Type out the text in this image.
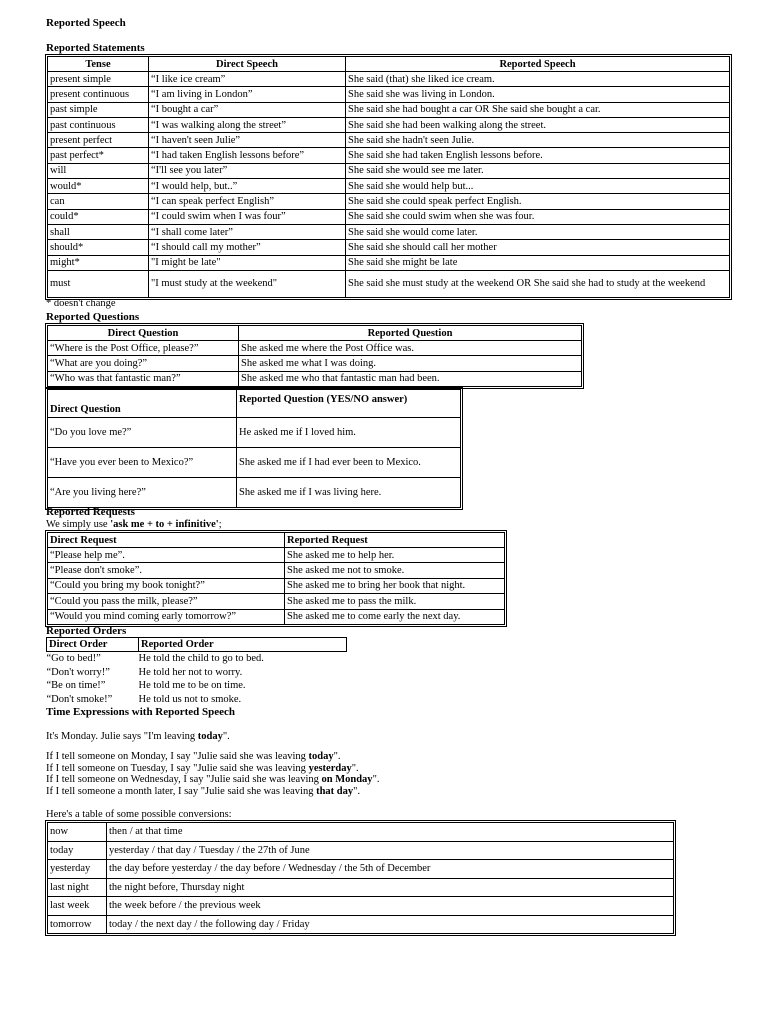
Reported Speech
Reported Statements
Tense	Direct Speech	Reported Speech
present simple	“I like ice cream”	She said (that) she liked ice cream.
present continuous	“I am living in London”	She said she was living in London.
past simple	“I bought a car”	She said she had bought a car OR She said she bought a car.
past continuous	“I was walking along the street”	She said she had been walking along the street.
present perfect	“I haven't seen Julie”	She said she hadn't seen Julie.
past perfect*	“I had taken English lessons before”	She said she had taken English lessons before.
will	“I'll see you later”	She said she would see me later.
would*	“I would help, but..”	She said she would help but...
can	“I can speak perfect English”	She said she could speak perfect English.
could*	“I could swim when I was four”	She said she could swim when she was four.
shall	“I shall come later”	She said she would come later.
should*	“I should call my mother”	She said she should call her mother
might*	"I might be late"	She said she might be late
must	"I must study at the weekend"	She said she must study at the weekend OR She said she had to study at the weekend
* doesn't change
Reported Questions
Direct Question	Reported Question
“Where is the Post Office, please?”	She asked me where the Post Office was.
“What are you doing?”	She asked me what I was doing.
“Who was that fantastic man?”	She asked me who that fantastic man had been.
Direct Question	Reported Question (YES/NO answer)
“Do you love me?”	He asked me if I loved him.
“Have you ever been to Mexico?”	She asked me if I had ever been to Mexico.
“Are you living here?”	She asked me if I was living here.
Reported Requests
We simply use 'ask me + to + infinitive';
Direct Request	Reported Request
“Please help me”.	She asked me to help her.
“Please don't smoke”.	She asked me not to smoke.
“Could you bring my book tonight?”	She asked me to bring her book that night.
“Could you pass the milk, please?”	She asked me to pass the milk.
“Would you mind coming early tomorrow?”	She asked me to come early the next day.
Reported Orders
Direct Order	Reported Order
“Go to bed!”	He told the child to go to bed.
“Don't worry!”	He told her not to worry.
“Be on time!”	He told me to be on time.
“Don't smoke!”	He told us not to smoke.
Time Expressions with Reported Speech
It's Monday. Julie says "I'm leaving today".
If I tell someone on Monday, I say "Julie said she was leaving today".
If I tell someone on Tuesday, I say "Julie said she was leaving yesterday".
If I tell someone on Wednesday, I say "Julie said she was leaving on Monday".
If I tell someone a month later, I say "Julie said she was leaving that day".
Here's a table of some possible conversions:
now	then / at that time
today	yesterday / that day / Tuesday / the 27th of June
yesterday	the day before yesterday / the day before / Wednesday / the 5th of December
last night	the night before, Thursday night
last week	the week before / the previous week
tomorrow	today / the next day / the following day / Friday
